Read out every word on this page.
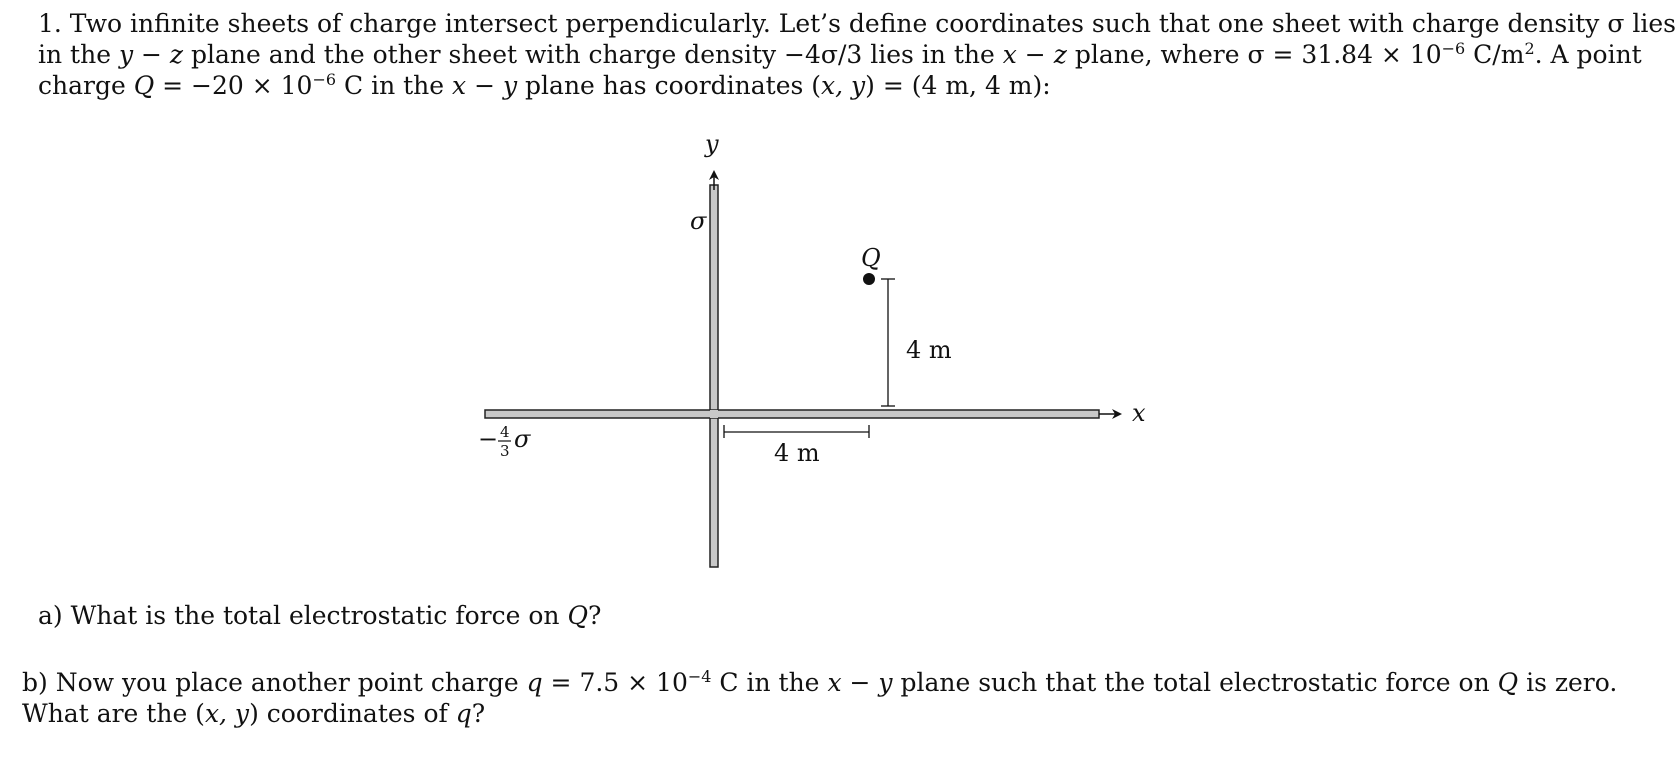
1. Two infinite sheets of charge intersect perpendicularly. Let’s define coordinates such that one sheet with charge density σ lies
in the y − z plane and the other sheet with charge density −4σ/3 lies in the x − z plane, where $\sigma = 31.84 \times 10^{-6}$ $C/m^2$. A point
charge $Q = -20 \times 10^{-6}$ C in the x − y plane has coordinates (x, y) = (4 m, 4 m):
y
x
σ
− 4
3 σ
Q
4 m
4 m
a) What is the total electrostatic force on Q?
b) Now you place another point charge $q = 7.5 \times 10^{-4}$ C in the x − y plane such that the total electrostatic force on Q is zero.
What are the (x, y) coordinates of q?
